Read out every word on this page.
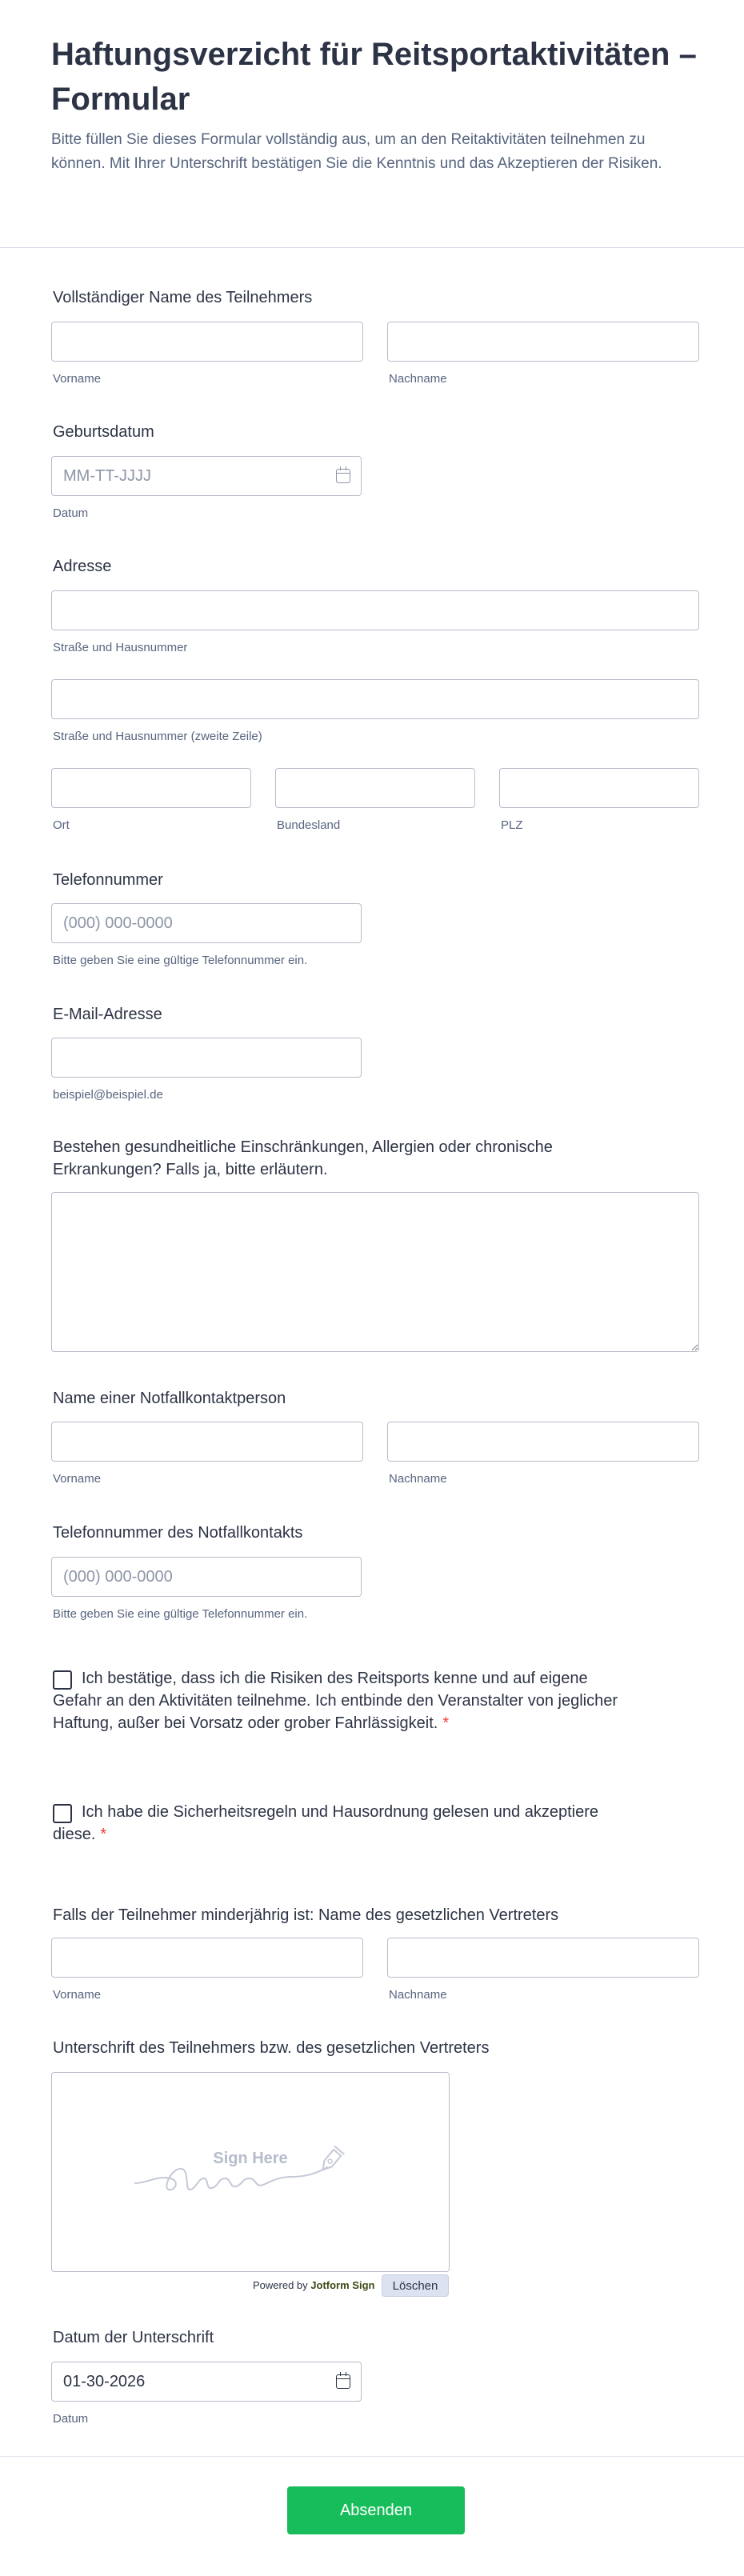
Haftungsverzicht für Reitsportaktivitäten – Formular

Bitte füllen Sie dieses Formular vollständig aus, um an den Reitaktivitäten teilnehmen zu können. Mit Ihrer Unterschrift bestätigen Sie die Kenntnis und das Akzeptieren der Risiken.

Vollständiger Name des Teilnehmers
Vorname	Nachname
Geburtsdatum
MM-TT-JJJJ
Datum
Adresse
Straße und Hausnummer
Straße und Hausnummer (zweite Zeile)
Ort	Bundesland	PLZ
Telefonnummer
(000) 000-0000
Bitte geben Sie eine gültige Telefonnummer ein.
E-Mail-Adresse
beispiel@beispiel.de
Bestehen gesundheitliche Einschränkungen, Allergien oder chronische Erkrankungen? Falls ja, bitte erläutern.
Name einer Notfallkontaktperson
Vorname	Nachname
Telefonnummer des Notfallkontakts
(000) 000-0000
Bitte geben Sie eine gültige Telefonnummer ein.
Ich bestätige, dass ich die Risiken des Reitsports kenne und auf eigene Gefahr an den Aktivitäten teilnehme. Ich entbinde den Veranstalter von jeglicher Haftung, außer bei Vorsatz oder grober Fahrlässigkeit. *
Ich habe die Sicherheitsregeln und Hausordnung gelesen und akzeptiere diese. *
Falls der Teilnehmer minderjährig ist: Name des gesetzlichen Vertreters
Vorname	Nachname
Unterschrift des Teilnehmers bzw. des gesetzlichen Vertreters
Sign Here
Powered by Jotform Sign	Löschen
Datum der Unterschrift
01-30-2026
Datum
Absenden
